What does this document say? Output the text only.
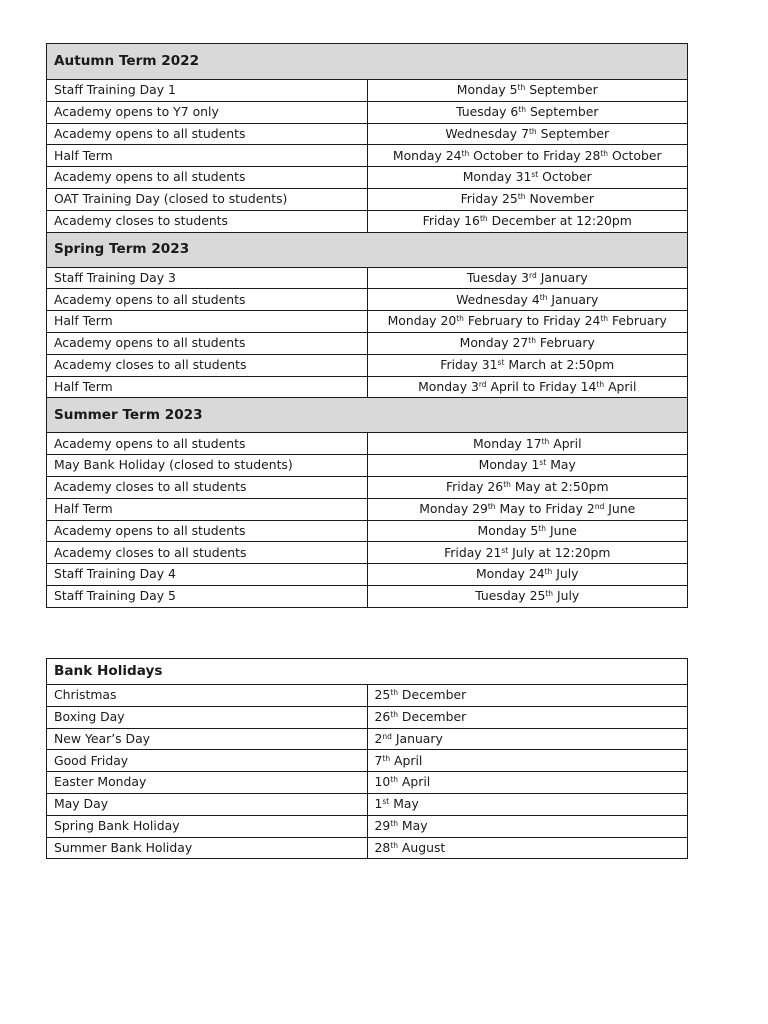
Autumn Term 2022	
Staff Training Day 1	Monday 5th September
Academy opens to Y7 only	Tuesday 6th September
Academy opens to all students	Wednesday 7th September
Half Term	Monday 24th October to Friday 28th October
Academy opens to all students	Monday 31st October
OAT Training Day (closed to students)	Friday 25th November
Academy closes to students	Friday 16th December at 12:20pm
Spring Term 2023	
Staff Training Day 3	Tuesday 3rd January
Academy opens to all students	Wednesday 4th January
Half Term	Monday 20th February to Friday 24th February
Academy opens to all students	Monday 27th February
Academy closes to all students	Friday 31st March at 2:50pm
Half Term	Monday 3rd April to Friday 14th April
Summer Term 2023	
Academy opens to all students	Monday 17th April
May Bank Holiday (closed to students)	Monday 1st May
Academy closes to all students	Friday 26th May at 2:50pm
Half Term	Monday 29th May to Friday 2nd June
Academy opens to all students	Monday 5th June
Academy closes to all students	Friday 21st July at 12:20pm
Staff Training Day 4	Monday 24th July
Staff Training Day 5	Tuesday 25th July
Bank Holidays	
Christmas	25th December
Boxing Day	26th December
New Year’s Day	2nd January
Good Friday	7th April
Easter Monday	10th April
May Day	1st May
Spring Bank Holiday	29th May
Summer Bank Holiday	28th August
